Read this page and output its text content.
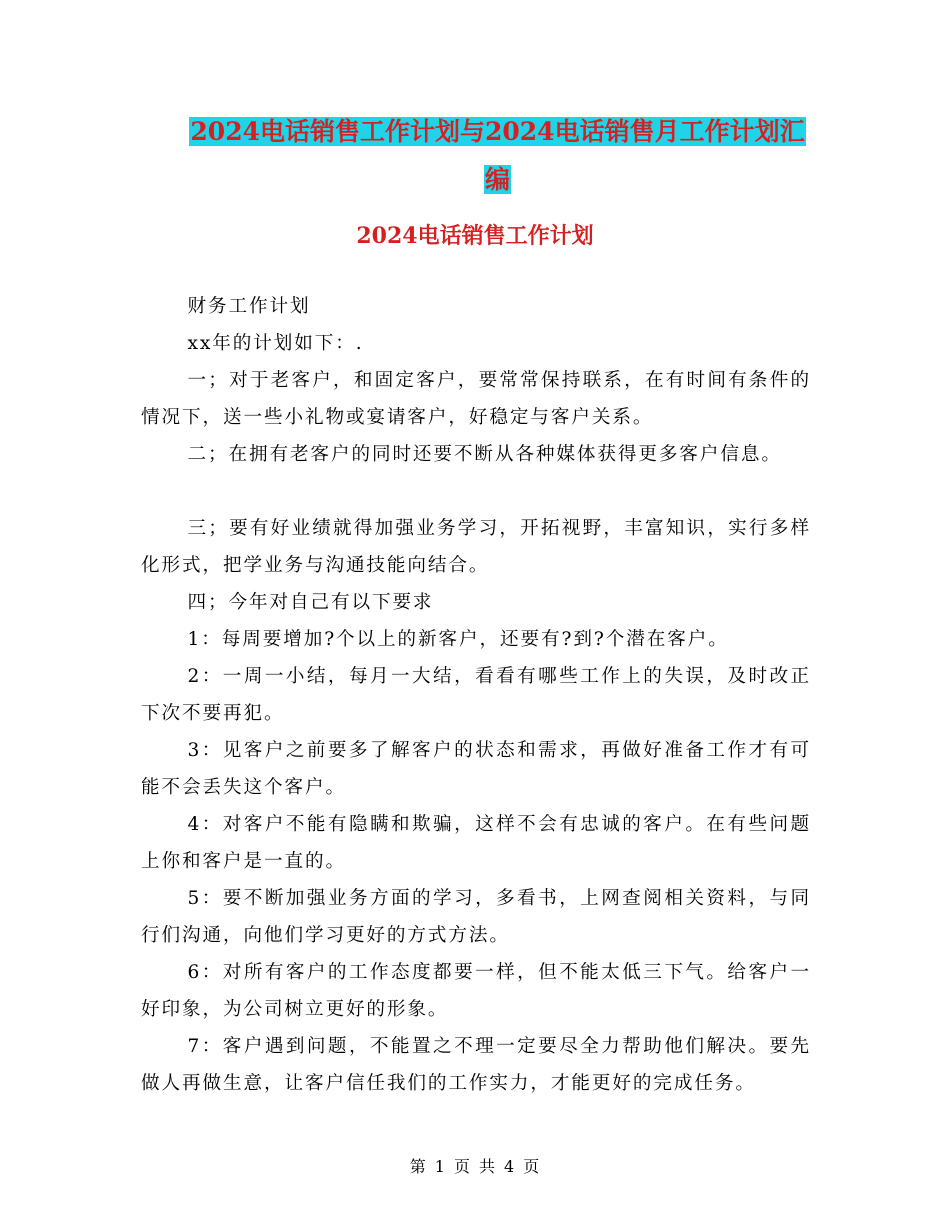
2024电话销售工作计划与2024电话销售月工作计划汇
编
2024电话销售工作计划

财务工作计划

xx年的计划如下：.

一；对于老客户，和固定客户，要常常保持联系，在有时间有条件的情况下，送一些小礼物或宴请客户，好稳定与客户关系。

二；在拥有老客户的同时还要不断从各种媒体获得更多客户信息。

三；要有好业绩就得加强业务学习，开拓视野，丰富知识，实行多样化形式，把学业务与沟通技能向结合。

四；今年对自己有以下要求

1：每周要增加?个以上的新客户，还要有?到?个潜在客户。

2：一周一小结，每月一大结，看看有哪些工作上的失误，及时改正下次不要再犯。

3：见客户之前要多了解客户的状态和需求，再做好准备工作才有可能不会丢失这个客户。

4：对客户不能有隐瞒和欺骗，这样不会有忠诚的客户。在有些问题上你和客户是一直的。

5：要不断加强业务方面的学习，多看书，上网查阅相关资料，与同行们沟通，向他们学习更好的方式方法。

6：对所有客户的工作态度都要一样，但不能太低三下气。给客户一好印象，为公司树立更好的形象。

7：客户遇到问题，不能置之不理一定要尽全力帮助他们解决。要先做人再做生意，让客户信任我们的工作实力，才能更好的完成任务。

第 1 页 共 4 页
